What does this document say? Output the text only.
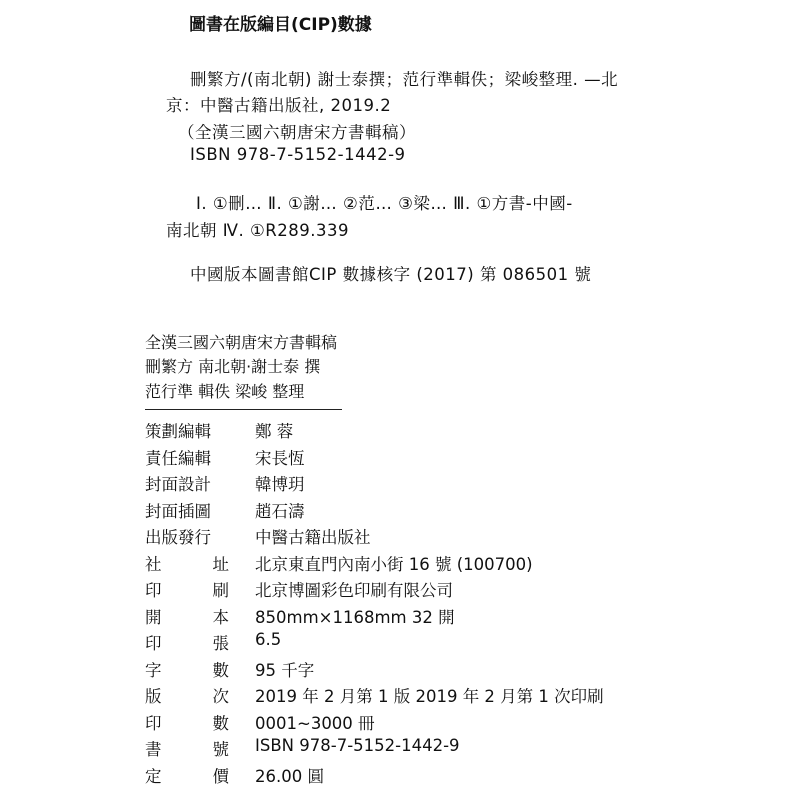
圖書在版編目(CIP)數據
刪繁方/(南北朝) 謝士泰撰；范行準輯佚；梁峻整理. —北
京：中醫古籍出版社, 2019.2
（全漢三國六朝唐宋方書輯稿）
ISBN 978-7-5152-1442-9
Ⅰ. ①刪… Ⅱ. ①謝… ②范… ③梁… Ⅲ. ①方書-中國-
南北朝 Ⅳ. ①R289.339
中國版本圖書館CIP 數據核字 (2017) 第 086501 號
全漢三國六朝唐宋方書輯稿
刪繁方 南北朝·謝士泰 撰
范行準 輯佚 梁峻 整理
策劃編輯	鄭 蓉
責任編輯	宋長恆
封面設計	韓博玥
封面插圖	趙石濤
出版發行	中醫古籍出版社
社	址 北京東直門內南小街 16 號 (100700)
印	刷 北京博圖彩色印刷有限公司
開	本 850mm×1168mm 32 開
印	張 6.5
字	數 95 千字
版	次 2019 年 2 月第 1 版 2019 年 2 月第 1 次印刷
印	數 0001~3000 冊
書	號 ISBN 978-7-5152-1442-9
定	價 26.00 圓
